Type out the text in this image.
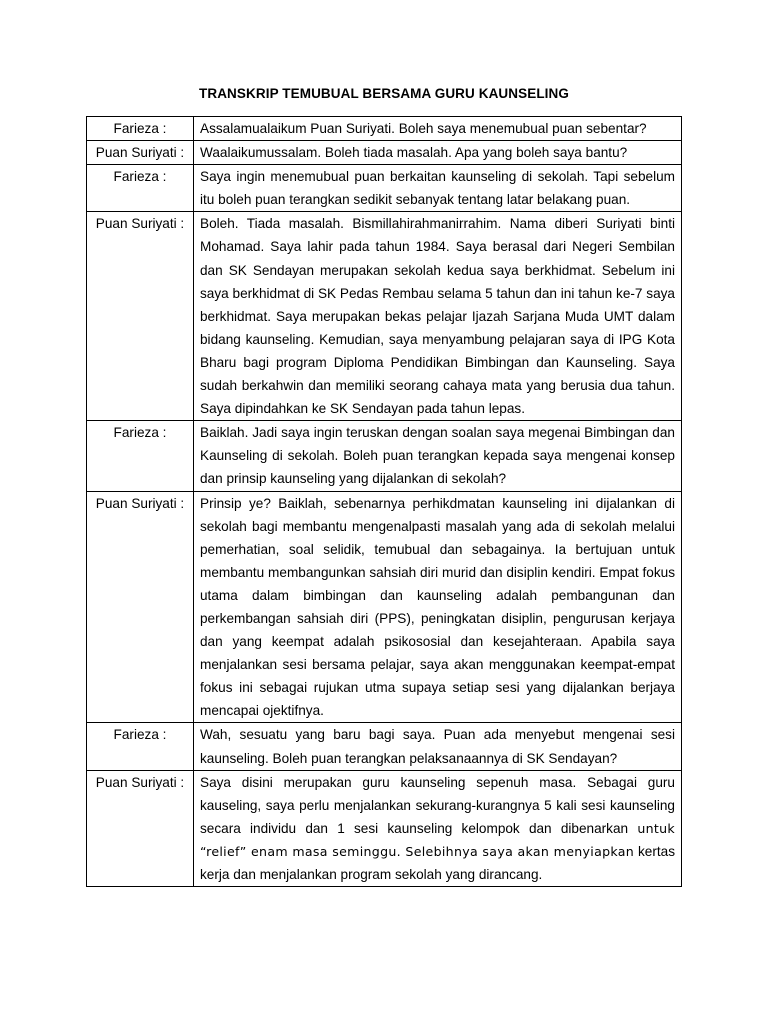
TRANSKRIP TEMUBUAL BERSAMA GURU KAUNSELING
Farieza :	Assalamualaikum Puan Suriyati. Boleh saya menemubual puan sebentar?
Puan Suriyati :	Waalaikumussalam. Boleh tiada masalah. Apa yang boleh saya bantu?
Farieza :	Saya ingin menemubual puan berkaitan kaunseling di sekolah. Tapi sebelum itu boleh puan terangkan sedikit sebanyak tentang latar belakang puan.
Puan Suriyati :	Boleh. Tiada masalah. Bismillahirahmanirrahim. Nama diberi Suriyati binti Mohamad. Saya lahir pada tahun 1984. Saya berasal dari Negeri Sembilan dan SK Sendayan merupakan sekolah kedua saya berkhidmat. Sebelum ini saya berkhidmat di SK Pedas Rembau selama 5 tahun dan ini tahun ke-7 saya berkhidmat. Saya merupakan bekas pelajar Ijazah Sarjana Muda UMT dalam bidang kaunseling. Kemudian, saya menyambung pelajaran saya di IPG Kota Bharu bagi program Diploma Pendidikan Bimbingan dan Kaunseling. Saya sudah berkahwin dan memiliki seorang cahaya mata yang berusia dua tahun. Saya dipindahkan ke SK Sendayan pada tahun lepas.
Farieza :	Baiklah. Jadi saya ingin teruskan dengan soalan saya megenai Bimbingan dan Kaunseling di sekolah. Boleh puan terangkan kepada saya mengenai konsep dan prinsip kaunseling yang dijalankan di sekolah?
Puan Suriyati :	Prinsip ye? Baiklah, sebenarnya perhikdmatan kaunseling ini dijalankan di sekolah bagi membantu mengenalpasti masalah yang ada di sekolah melalui pemerhatian, soal selidik, temubual dan sebagainya. Ia bertujuan untuk membantu membangunkan sahsiah diri murid dan disiplin kendiri. Empat fokus utama dalam bimbingan dan kaunseling adalah pembangunan dan perkembangan sahsiah diri (PPS), peningkatan disiplin, pengurusan kerjaya dan yang keempat adalah psikososial dan kesejahteraan. Apabila saya menjalankan sesi bersama pelajar, saya akan menggunakan keempat-empat fokus ini sebagai rujukan utma supaya setiap sesi yang dijalankan berjaya mencapai ojektifnya.
Farieza :	Wah, sesuatu yang baru bagi saya. Puan ada menyebut mengenai sesi kaunseling. Boleh puan terangkan pelaksanaannya di SK Sendayan?
Puan Suriyati :	Saya disini merupakan guru kaunseling sepenuh masa. Sebagai guru kauseling, saya perlu menjalankan sekurang-kurangnya 5 kali sesi kaunseling secara individu dan 1 sesi kaunseling kelompok dan dibenarkan untuk “relief” enam masa seminggu. Selebihnya saya akan menyiapkan kertas kerja dan menjalankan program sekolah yang dirancang.
